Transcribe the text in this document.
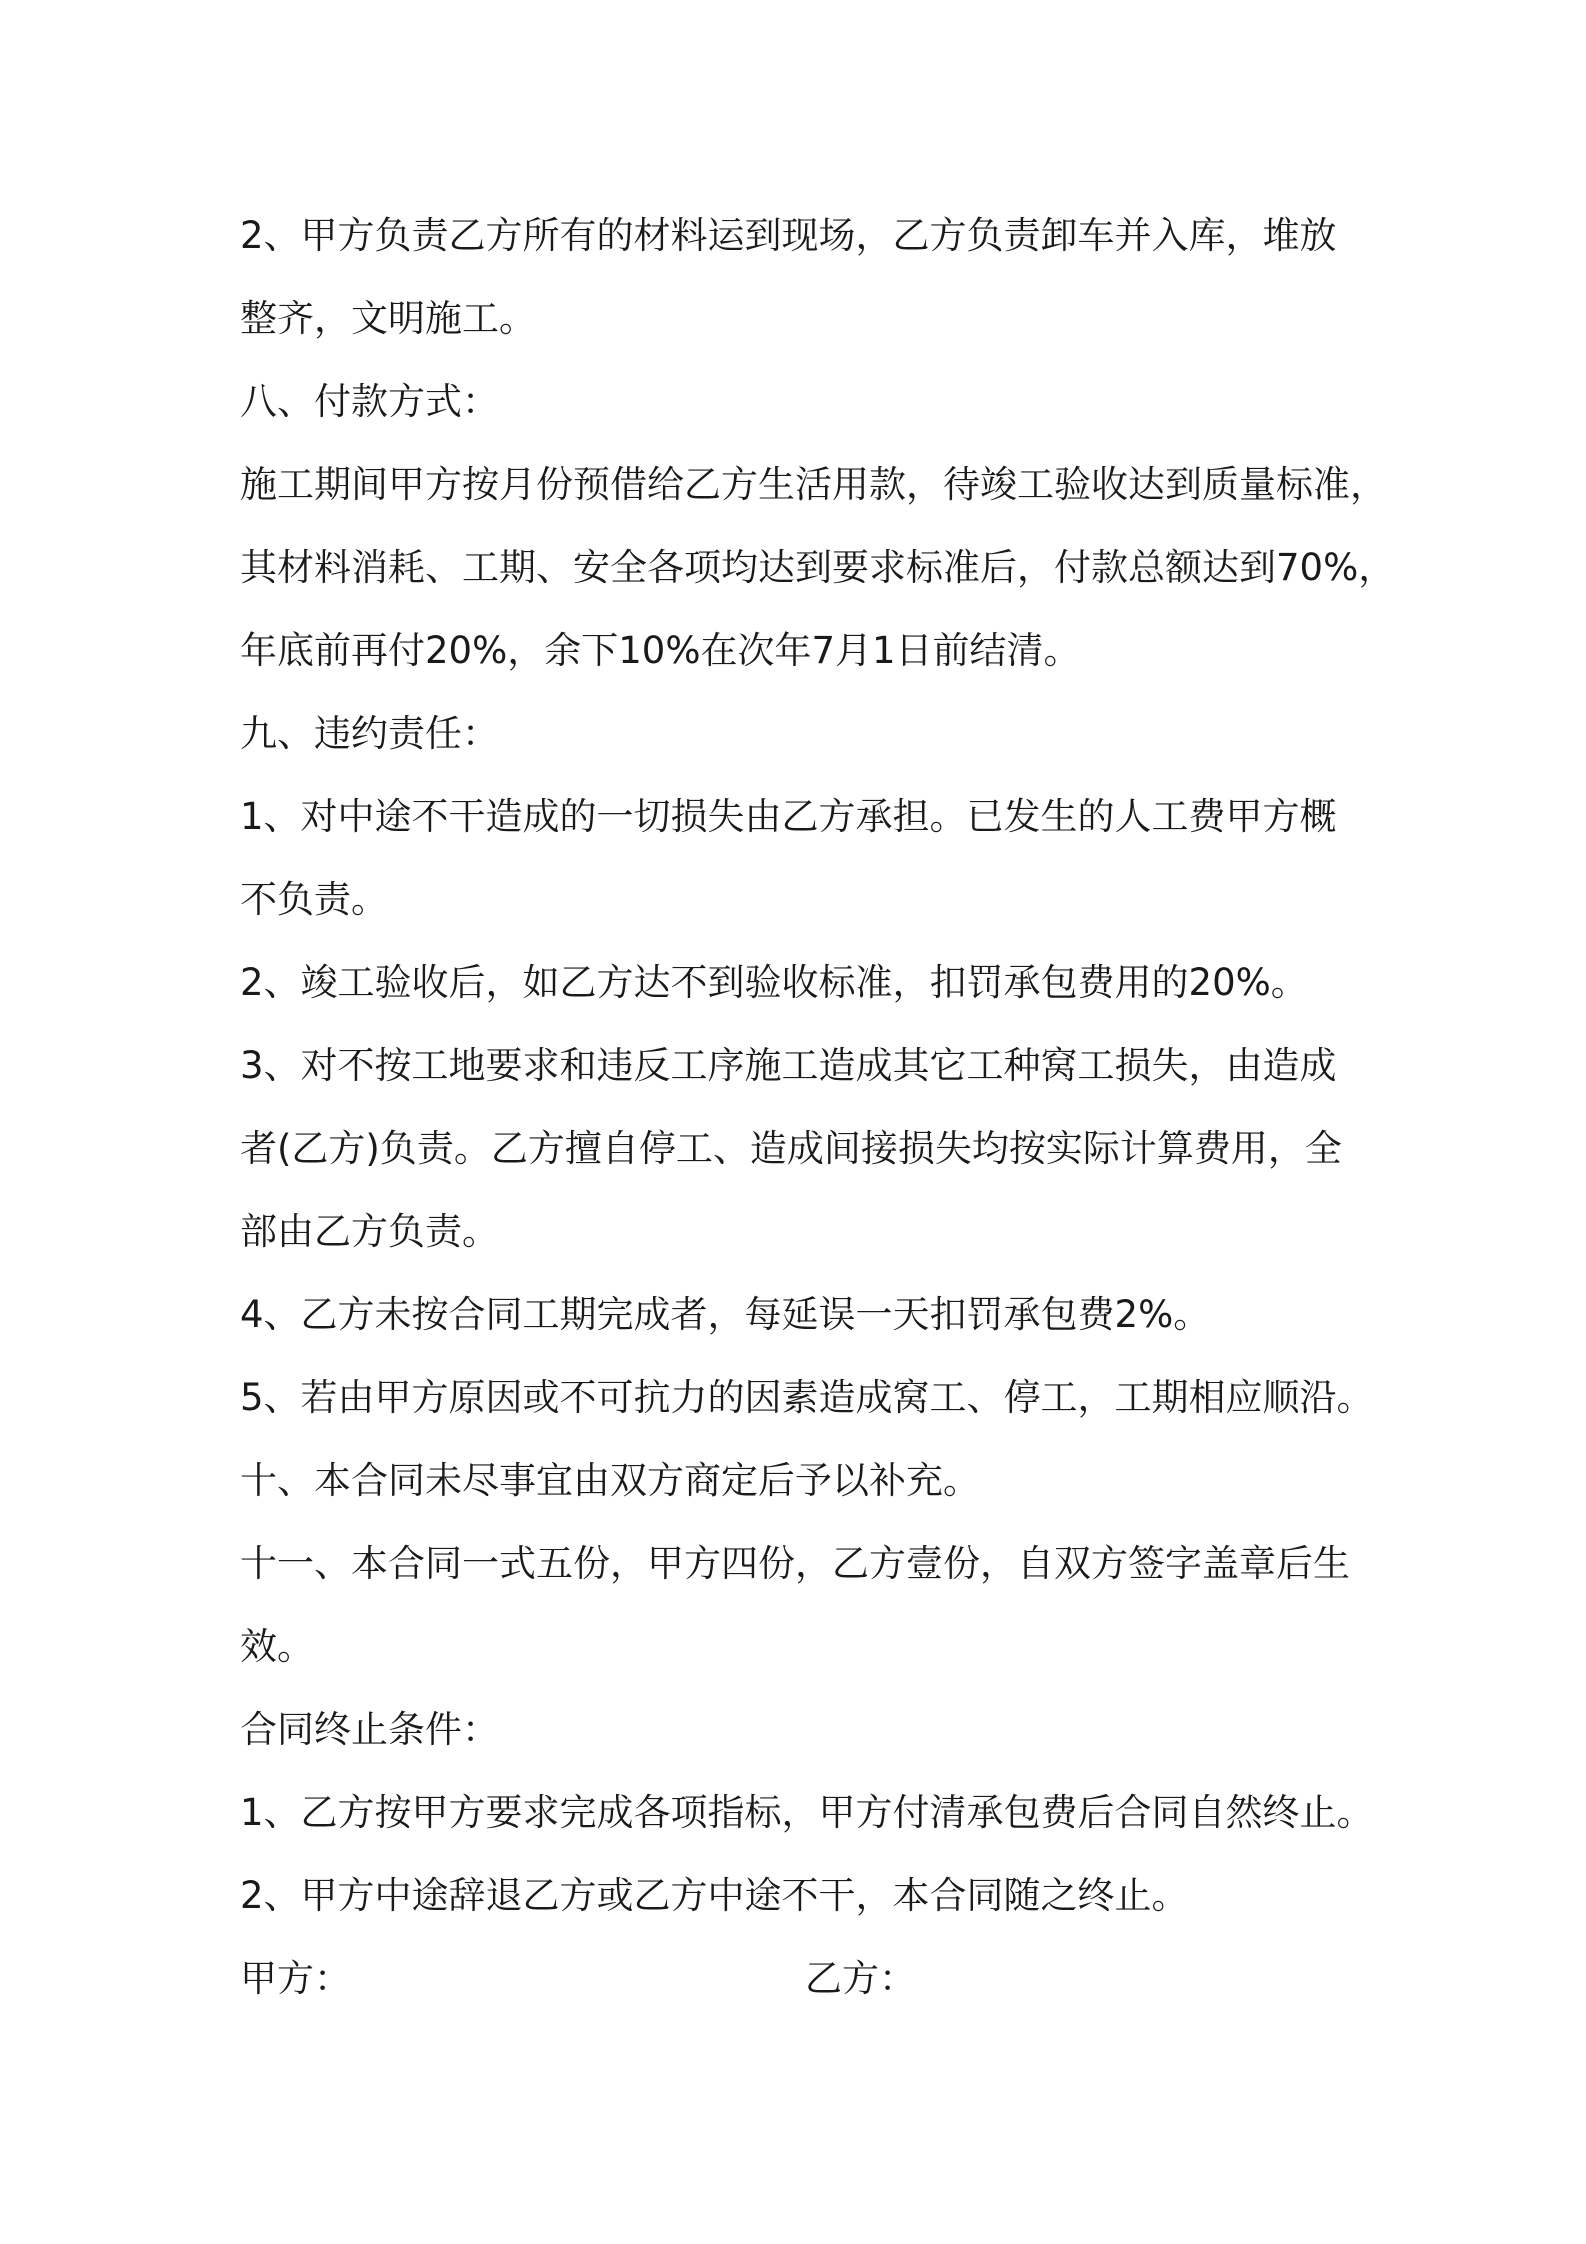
2、甲方负责乙方所有的材料运到现场，乙方负责卸车并入库，堆放
整齐，文明施工。
八、付款方式：
施工期间甲方按月份预借给乙方生活用款，待竣工验收达到质量标准，
其材料消耗、工期、安全各项均达到要求标准后，付款总额达到70%，
年底前再付20%，余下10%在次年7月1日前结清。
九、违约责任：
1、对中途不干造成的一切损失由乙方承担。已发生的人工费甲方概
不负责。
2、竣工验收后，如乙方达不到验收标准，扣罚承包费用的20%。
3、对不按工地要求和违反工序施工造成其它工种窝工损失，由造成
者(乙方)负责。乙方擅自停工、造成间接损失均按实际计算费用，全
部由乙方负责。
4、乙方未按合同工期完成者，每延误一天扣罚承包费2%。
5、若由甲方原因或不可抗力的因素造成窝工、停工，工期相应顺沿。
十、本合同未尽事宜由双方商定后予以补充。
十一、本合同一式五份，甲方四份，乙方壹份，自双方签字盖章后生
效。
合同终止条件：
1、乙方按甲方要求完成各项指标，甲方付清承包费后合同自然终止。
2、甲方中途辞退乙方或乙方中途不干，本合同随之终止。
甲方：	乙方：
